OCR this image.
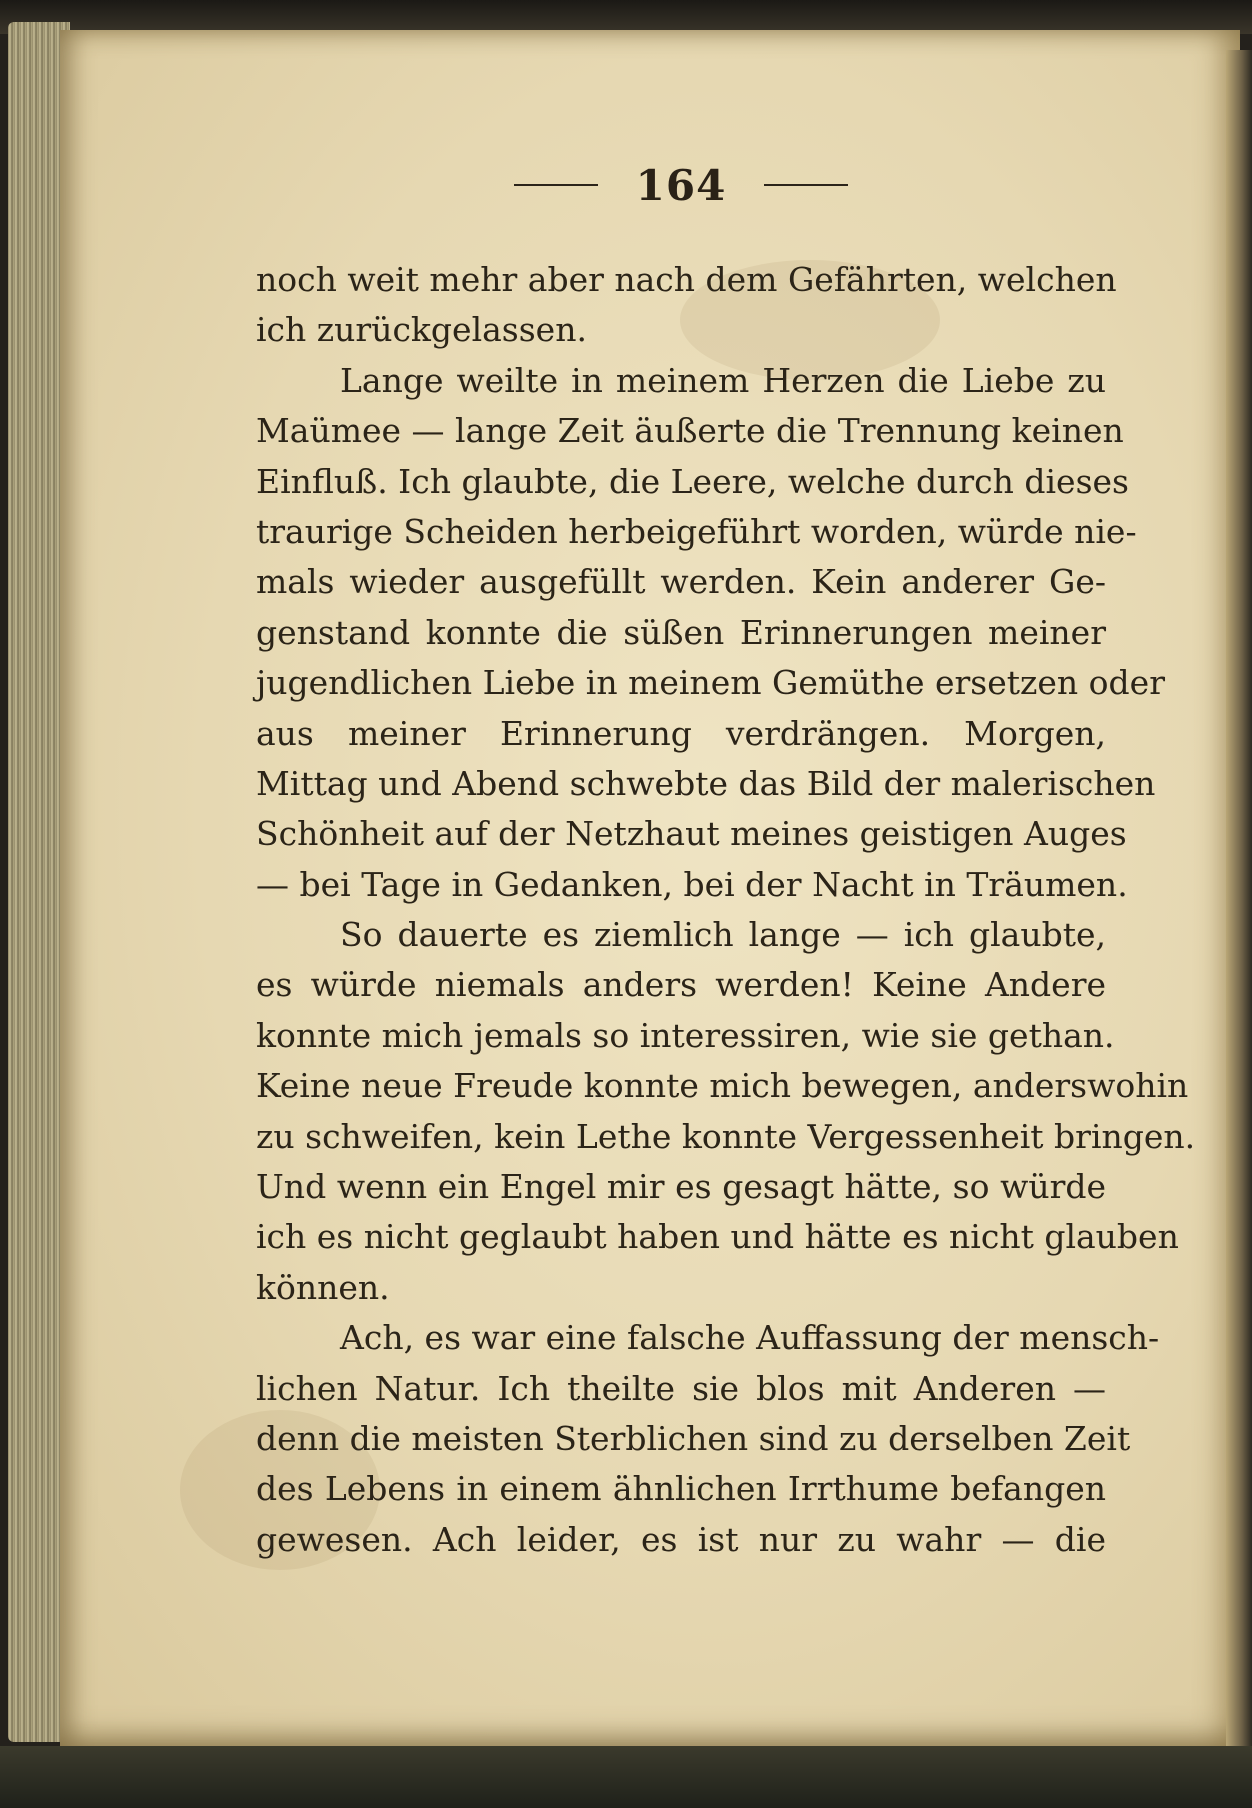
164
noch weit mehr aber nach dem Gefährten, welchen
ich zurückgelassen.
Lange weilte in meinem Herzen die Liebe zu
Maümee — lange Zeit äußerte die Trennung keinen
Einfluß. Ich glaubte, die Leere, welche durch dieses
traurige Scheiden herbeigeführt worden, würde nie-
mals wieder ausgefüllt werden. Kein anderer Ge-
genstand konnte die süßen Erinnerungen meiner
jugendlichen Liebe in meinem Gemüthe ersetzen oder
aus meiner Erinnerung verdrängen. Morgen,
Mittag und Abend schwebte das Bild der malerischen
Schönheit auf der Netzhaut meines geistigen Auges
— bei Tage in Gedanken, bei der Nacht in Träumen.
So dauerte es ziemlich lange — ich glaubte,
es würde niemals anders werden! Keine Andere
konnte mich jemals so interessiren, wie sie gethan.
Keine neue Freude konnte mich bewegen, anderswohin
zu schweifen, kein Lethe konnte Vergessenheit bringen.
Und wenn ein Engel mir es gesagt hätte, so würde
ich es nicht geglaubt haben und hätte es nicht glauben
können.
Ach, es war eine falsche Auffassung der mensch-
lichen Natur. Ich theilte sie blos mit Anderen —
denn die meisten Sterblichen sind zu derselben Zeit
des Lebens in einem ähnlichen Irrthume befangen
gewesen. Ach leider, es ist nur zu wahr — die
